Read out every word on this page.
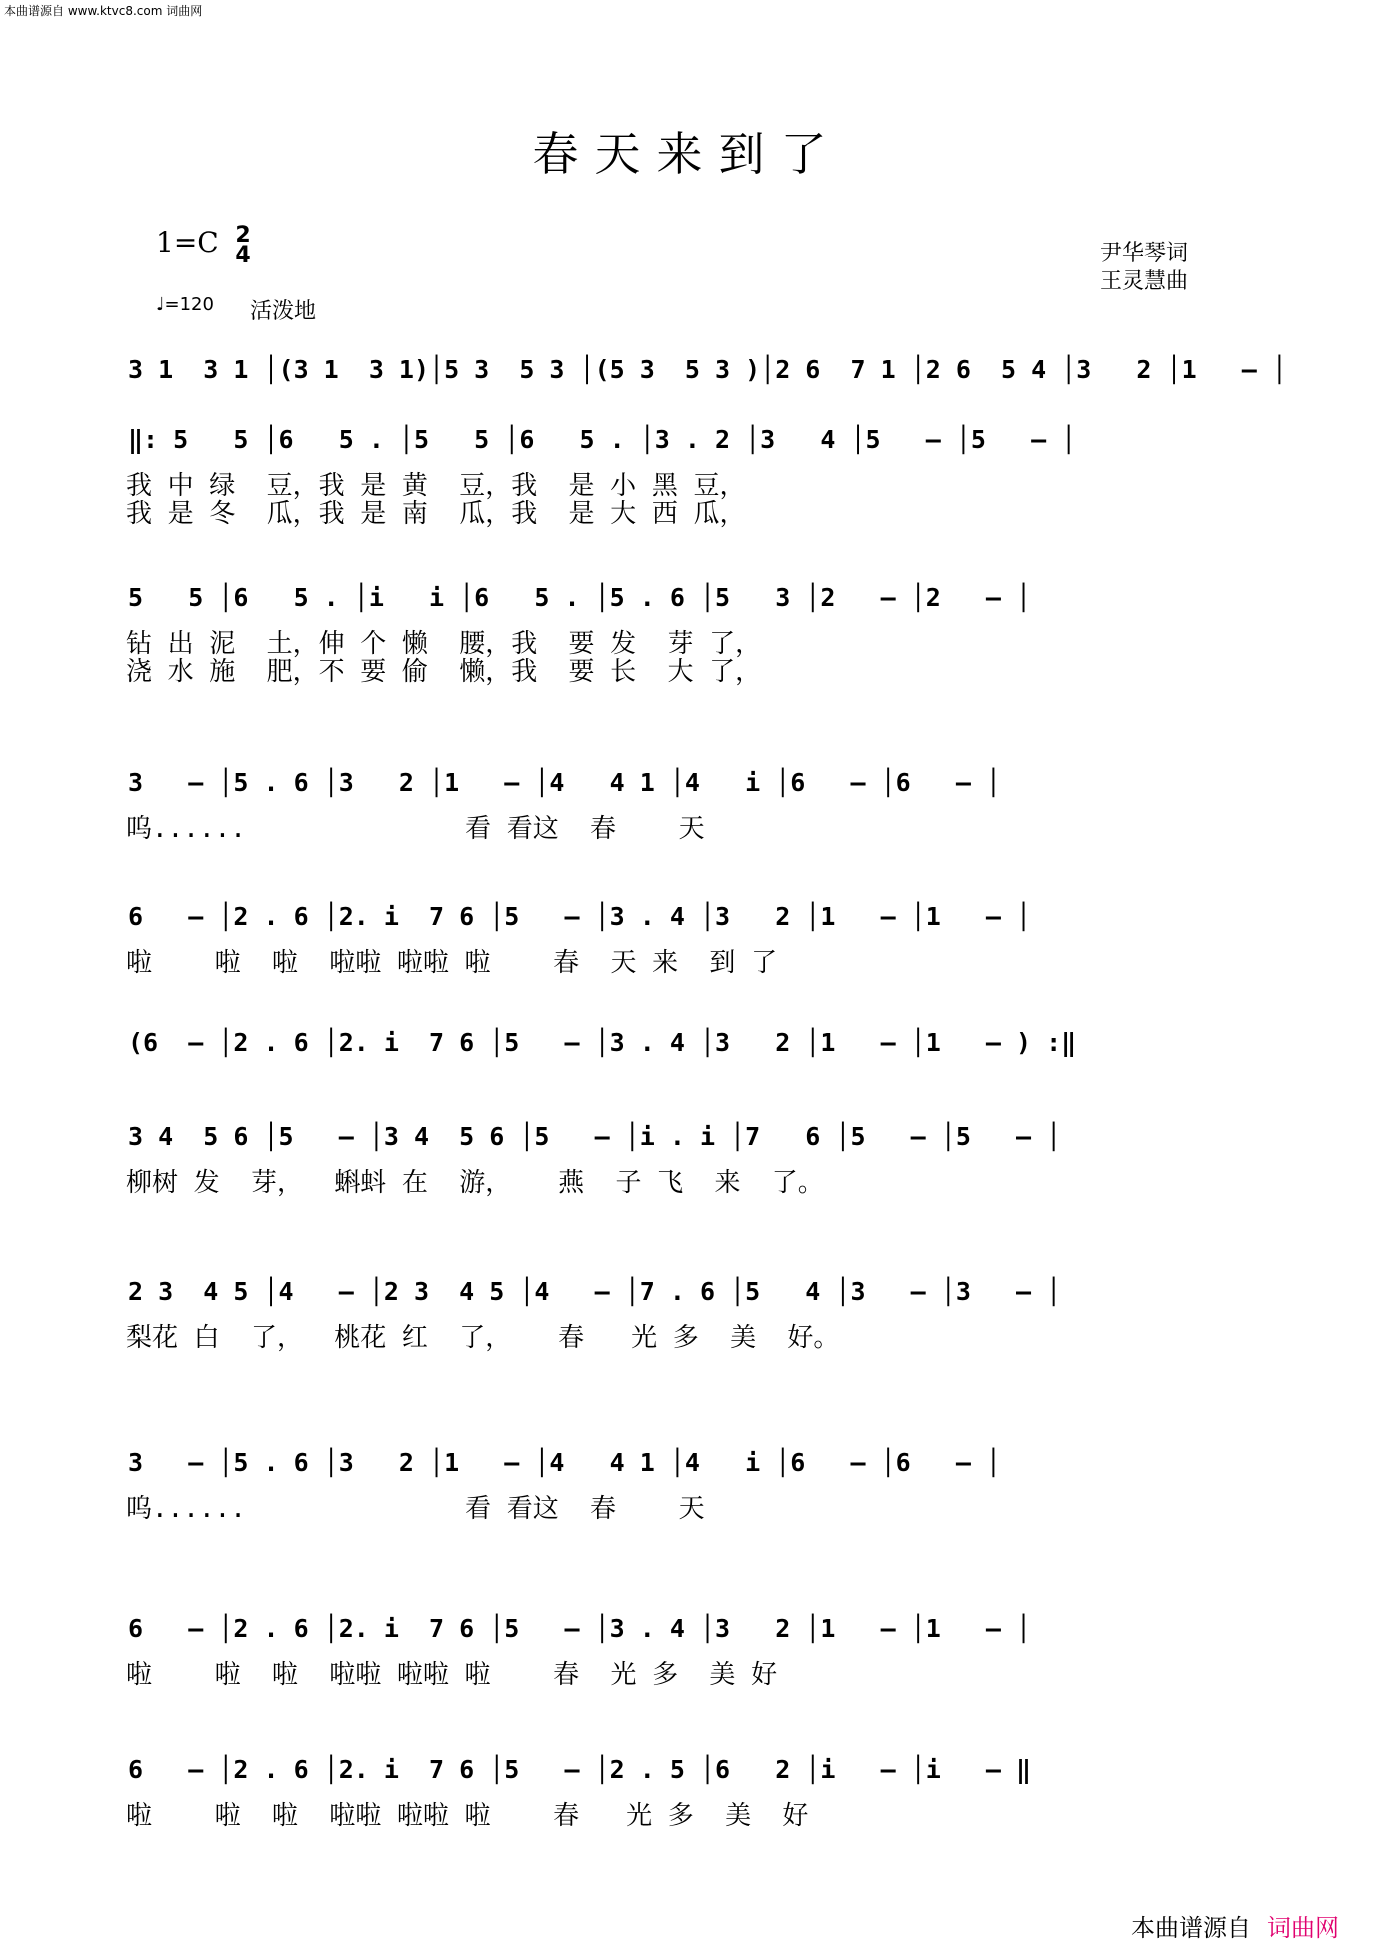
本曲谱源自 www.ktvc8.com 词曲网
春天来到了
1=C 2
4	尹华琴词
王灵慧曲
♩=120 活泼地
3 1  3 1 │(3 1  3 1)│5 3  5 3 │(5 3  5 3 )│2 6  7 1 │2 6  5 4 │3   2 │1   – │
‖: 5   5 │6   5 . │5   5 │6   5 . │3 . 2 │3   4 │5   – │5   – │
我 中 绿  豆，我 是 黄  豆，我  是 小 黑 豆，
我 是 冬  瓜，我 是 南  瓜，我  是 大 西 瓜，
5   5 │6   5 . │i   i │6   5 . │5 . 6 │5   3 │2   – │2   – │
钻 出 泥  土，伸 个 懒  腰，我  要 发  芽 了，
浇 水 施  肥，不 要 偷  懒，我  要 长  大 了，
3   – │5 . 6 │3   2 │1   – │4   4 1 │4   i │6   – │6   – │
呜......              看 看这  春    天
6   – │2 . 6 │2. i  7 6 │5   – │3 . 4 │3   2 │1   – │1   – │
啦    啦  啦  啦啦 啦啦 啦    春  天 来  到 了
(6  – │2 . 6 │2. i  7 6 │5   – │3 . 4 │3   2 │1   – │1   – ) :‖
3 4  5 6 │5   – │3 4  5 6 │5   – │i . i │7   6 │5   – │5   – │
柳树 发  芽，  蝌蚪 在  游，   燕  子 飞  来  了。
2 3  4 5 │4   – │2 3  4 5 │4   – │7 . 6 │5   4 │3   – │3   – │
梨花 白  了，  桃花 红  了，   春   光 多  美  好。
3   – │5 . 6 │3   2 │1   – │4   4 1 │4   i │6   – │6   – │
呜......              看 看这  春    天
6   – │2 . 6 │2. i  7 6 │5   – │3 . 4 │3   2 │1   – │1   – │
啦    啦  啦  啦啦 啦啦 啦    春  光 多  美 好
6   – │2 . 6 │2. i  7 6 │5   – │2 . 5 │6   2 │i   – │i   – ‖
啦    啦  啦  啦啦 啦啦 啦    春   光 多  美  好
本曲谱源自 词曲网
